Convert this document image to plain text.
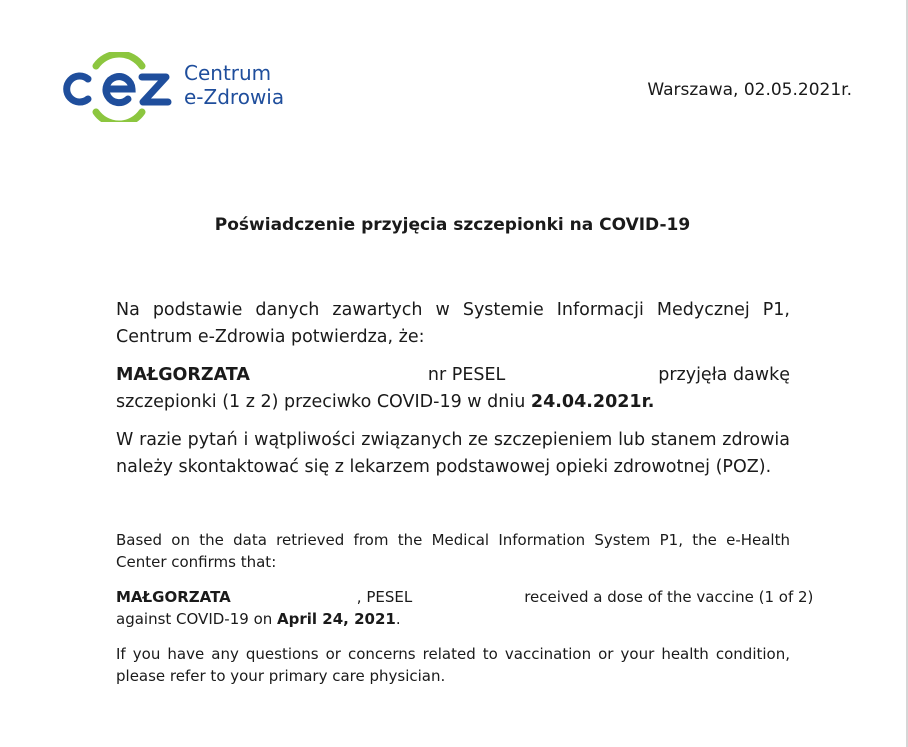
Centrum
e-Zdrowia	Warszawa, 02.05.2021r.
Poświadczenie przyjęcia szczepionki na COVID-19
Na podstawie danych zawartych w Systemie Informacji Medycznej P1, Centrum e-Zdrowia potwierdza, że:
MAŁGORZATA	nr PESEL	przyjęła dawkę
szczepionki (1 z 2) przeciwko COVID-19 w dniu 24.04.2021r.
W razie pytań i wątpliwości związanych ze szczepieniem lub stanem zdrowia należy skontaktować się z lekarzem podstawowej opieki zdrowotnej (POZ).
Based on the data retrieved from the Medical Information System P1, the e-Health Center confirms that:
MAŁGORZATA	, PESEL	received a dose of the vaccine (1 of 2)
against COVID-19 on April 24, 2021.
If you have any questions or concerns related to vaccination or your health condition, please refer to your primary care physician.
